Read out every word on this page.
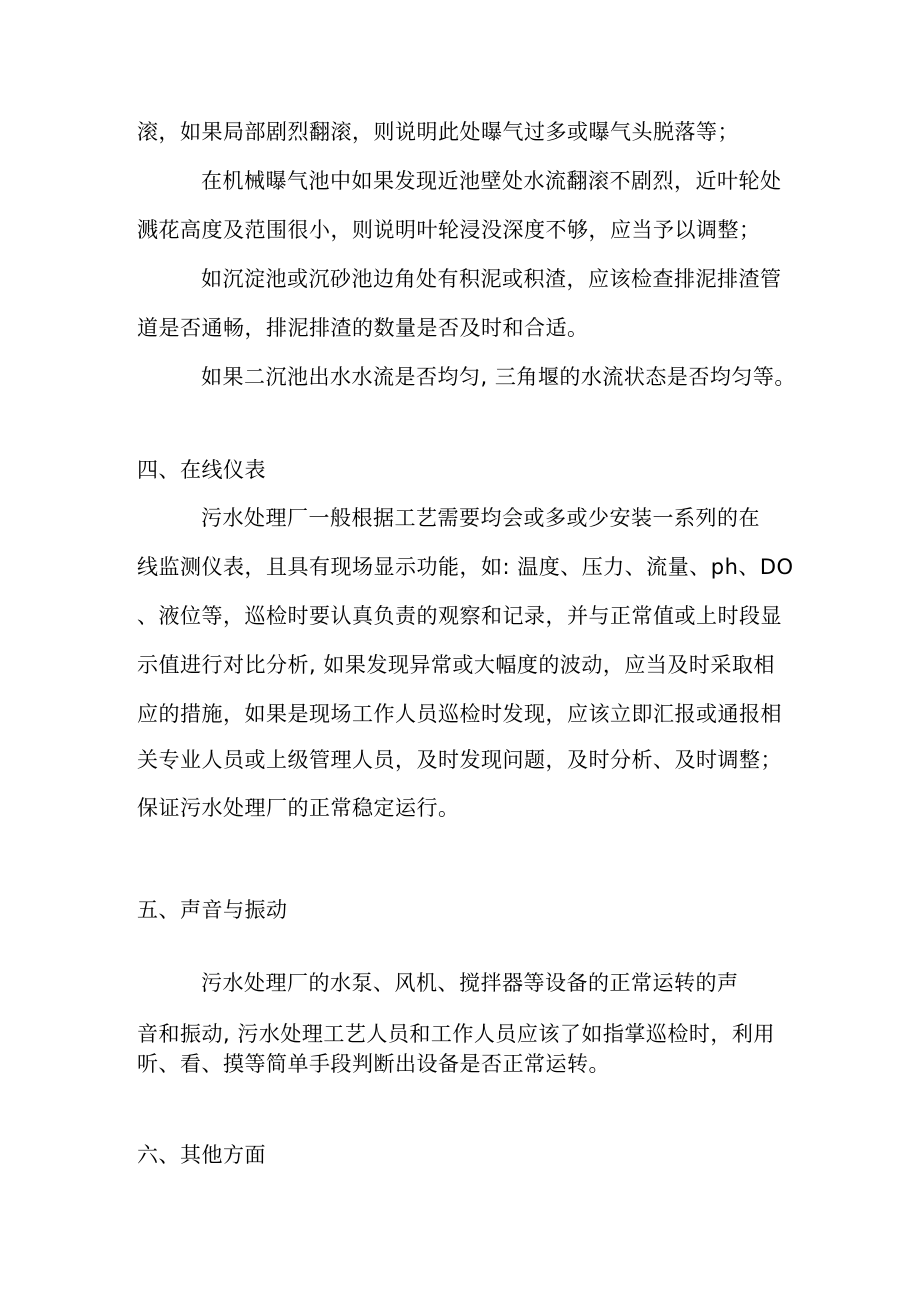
滚，如果局部剧烈翻滚，则说明此处曝气过多或曝气头脱落等；
在机械曝气池中如果发现近池壁处水流翻滚不剧烈，近叶轮处
溅花高度及范围很小，则说明叶轮浸没深度不够，应当予以调整；
如沉淀池或沉砂池边角处有积泥或积渣，应该检查排泥排渣管
道是否通畅，排泥排渣的数量是否及时和合适。
如果二沉池出水水流是否均匀, 三角堰的水流状态是否均匀等。
四、在线仪表
污水处理厂一般根据工艺需要均会或多或少安装一系列的在
线监测仪表，且具有现场显示功能，如: 温度、压力、流量、ph、DO
、液位等，巡检时要认真负责的观察和记录，并与正常值或上时段显
示值进行对比分析, 如果发现异常或大幅度的波动，应当及时采取相
应的措施，如果是现场工作人员巡检时发现，应该立即汇报或通报相
关专业人员或上级管理人员，及时发现问题，及时分析、及时调整；
保证污水处理厂的正常稳定运行。
五、声音与振动
污水处理厂的水泵、风机、搅拌器等设备的正常运转的声
音和振动, 污水处理工艺人员和工作人员应该了如指掌巡检时，利用
听、看、摸等简单手段判断出设备是否正常运转。
六、其他方面
